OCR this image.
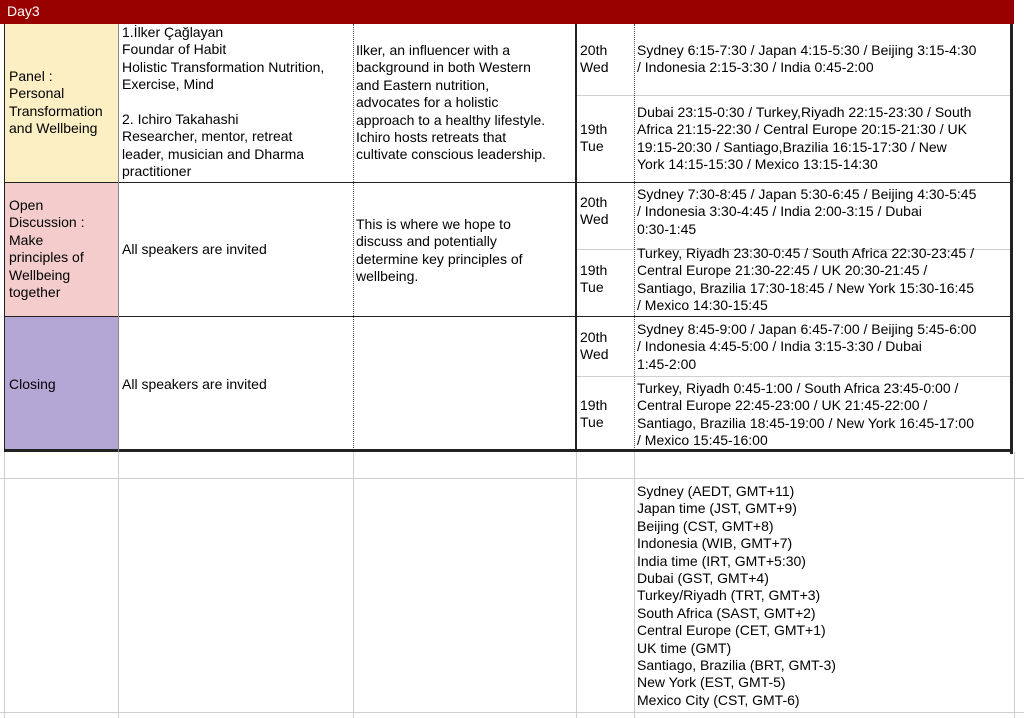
Day3
Panel :
Personal
Transformation
and Wellbeing
1.İlker Çağlayan
Foundar of Habit
Holistic Transformation Nutrition,
Exercise, Mind

2. Ichiro Takahashi
Researcher, mentor, retreat
leader, musician and Dharma
practitioner
Ilker, an influencer with a
background in both Western
and Eastern nutrition,
advocates for a holistic
approach to a healthy lifestyle.
Ichiro hosts retreats that
cultivate conscious leadership.
20th
Wed
Sydney 6:15-7:30 / Japan 4:15-5:30 / Beijing 3:15-4:30
/ Indonesia 2:15-3:30 / India 0:45-2:00
19th
Tue
Dubai 23:15-0:30 / Turkey,Riyadh 22:15-23:30 / South
Africa 21:15-22:30 / Central Europe 20:15-21:30 / UK
19:15-20:30 / Santiago,Brazilia 16:15-17:30 / New
York 14:15-15:30 / Mexico 13:15-14:30
Open
Discussion :
Make
principles of
Wellbeing
together
All speakers are invited
This is where we hope to
discuss and potentially
determine key principles of
wellbeing.
20th
Wed
Sydney 7:30-8:45 / Japan 5:30-6:45 / Beijing 4:30-5:45
/ Indonesia 3:30-4:45 / India 2:00-3:15 / Dubai
0:30-1:45
19th
Tue
Turkey, Riyadh 23:30-0:45 / South Africa 22:30-23:45 /
Central Europe 21:30-22:45 / UK 20:30-21:45 /
Santiago, Brazilia 17:30-18:45 / New York 15:30-16:45
/ Mexico 14:30-15:45
Closing	All speakers are invited
20th
Wed
Sydney 8:45-9:00 / Japan 6:45-7:00 / Beijing 5:45-6:00
/ Indonesia 4:45-5:00 / India 3:15-3:30 / Dubai
1:45-2:00
19th
Tue
Turkey, Riyadh 0:45-1:00 / South Africa 23:45-0:00 /
Central Europe 22:45-23:00 / UK 21:45-22:00 /
Santiago, Brazilia 18:45-19:00 / New York 16:45-17:00
/ Mexico 15:45-16:00
Sydney (AEDT, GMT+11)
Japan time (JST, GMT+9)
Beijing (CST, GMT+8)
Indonesia (WIB, GMT+7)
India time (IRT, GMT+5:30)
Dubai (GST, GMT+4)
Turkey/Riyadh (TRT, GMT+3)
South Africa (SAST, GMT+2)
Central Europe (CET, GMT+1)
UK time (GMT)
Santiago, Brazilia (BRT, GMT-3)
New York (EST, GMT-5)
Mexico City (CST, GMT-6)
